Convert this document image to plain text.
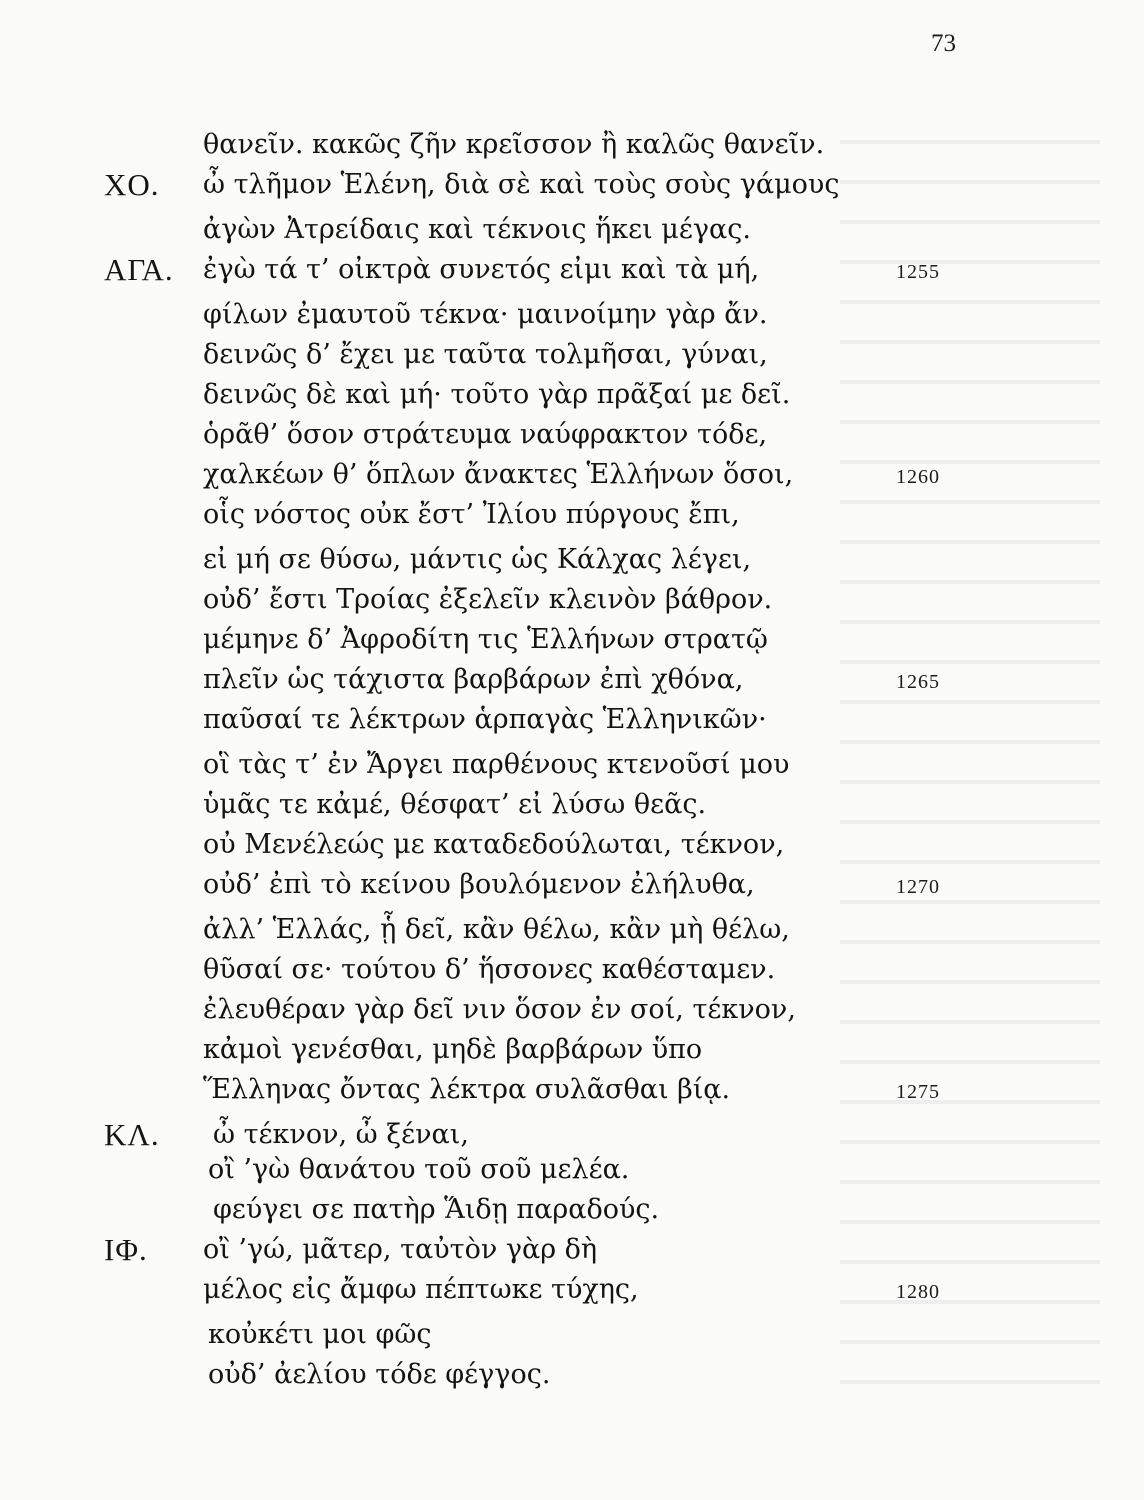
73
θανεῖν. κακῶς ζῆν κρεῖσσον ἢ καλῶς θανεῖν.
ΧΟ. ὦ τλῆμον Ἑλένη, διὰ σὲ καὶ τοὺς σοὺς γάμους
ἀγὼν Ἀτρείδαις καὶ τέκνοις ἥκει μέγας.
ΑΓΑ. ἐγὼ τά τ’ οἰκτρὰ συνετός εἰμι καὶ τὰ μή,	1255
φίλων ἐμαυτοῦ τέκνα· μαινοίμην γὰρ ἄν.
δεινῶς δ’ ἔχει με ταῦτα τολμῆσαι, γύναι,
δεινῶς δὲ καὶ μή· τοῦτο γὰρ πρᾶξαί με δεῖ.
ὁρᾶθ’ ὅσον στράτευμα ναύφρακτον τόδε,
χαλκέων θ’ ὅπλων ἄνακτες Ἑλλήνων ὅσοι,	1260
οἷς νόστος οὐκ ἔστ’ Ἰλίου πύργους ἔπι,
εἰ μή σε θύσω, μάντις ὡς Κάλχας λέγει,
οὐδ’ ἔστι Τροίας ἐξελεῖν κλεινὸν βάθρον.
μέμηνε δ’ Ἀφροδίτη τις Ἑλλήνων στρατῷ
πλεῖν ὡς τάχιστα βαρβάρων ἐπὶ χθόνα,	1265
παῦσαί τε λέκτρων ἁρπαγὰς Ἑλληνικῶν·
οἳ τὰς τ’ ἐν Ἄργει παρθένους κτενοῦσί μου
ὑμᾶς τε κἀμέ, θέσφατ’ εἰ λύσω θεᾶς.
οὐ Μενέλεώς με καταδεδούλωται, τέκνον,
οὐδ’ ἐπὶ τὸ κείνου βουλόμενον ἐλήλυθα,	1270
ἀλλ’ Ἑλλάς, ᾗ δεῖ, κἂν θέλω, κἂν μὴ θέλω,
θῦσαί σε· τούτου δ’ ἥσσονες καθέσταμεν.
ἐλευθέραν γὰρ δεῖ νιν ὅσον ἐν σοί, τέκνον,
κἀμοὶ γενέσθαι, μηδὲ βαρβάρων ὕπο
Ἕλληνας ὄντας λέκτρα συλᾶσθαι βίᾳ.	1275
ΚΛ. ὦ τέκνον, ὦ ξέναι,
οἲ ’γὼ θανάτου τοῦ σοῦ μελέα.
φεύγει σε πατὴρ Ἅιδῃ παραδούς.
ΙΦ. οἲ ’γώ, μᾶτερ, ταὐτὸν γὰρ δὴ
μέλος εἰς ἄμφω πέπτωκε τύχης,	1280
κοὐκέτι μοι φῶς
οὐδ’ ἀελίου τόδε φέγγος.
